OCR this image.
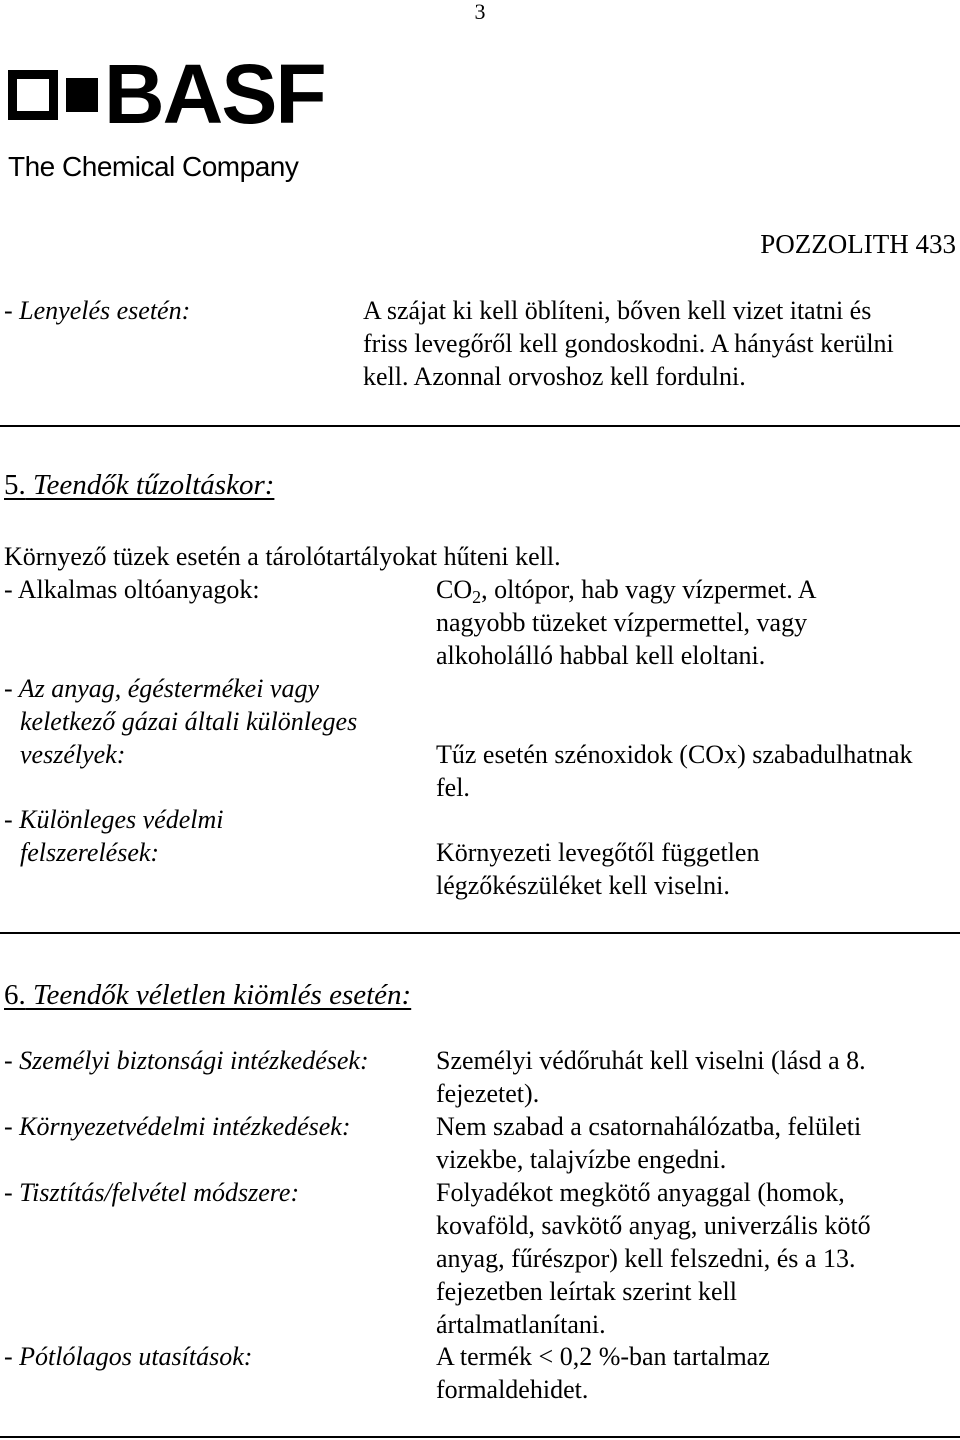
3
BASF
The Chemical Company
POZZOLITH 433
- Lenyelés esetén:	A szájat ki kell öblíteni, bőven kell vizet itatni és
friss levegőről kell gondoskodni. A hányást kerülni
kell. Azonnal orvoshoz kell fordulni.
5. Teendők tűzoltáskor:
Környező tüzek esetén a tárolótartályokat hűteni kell.
- Alkalmas oltóanyagok:	$CO_2$, oltópor, hab vagy vízpermet. A
nagyobb tüzeket vízpermettel, vagy
alkoholálló habbal kell eloltani.
- Az anyag, égéstermékei vagy
keletkező gázai általi különleges
veszélyek:	Tűz esetén szénoxidok (COx) szabadulhatnak
fel.
- Különleges védelmi
felszerelések:	Környezeti levegőtől független
légzőkészüléket kell viselni.
6. Teendők véletlen kiömlés esetén:
- Személyi biztonsági intézkedések:	Személyi védőruhát kell viselni (lásd a 8.
fejezetet).
- Környezetvédelmi intézkedések:	Nem szabad a csatornahálózatba, felületi
vizekbe, talajvízbe engedni.
- Tisztítás/felvétel módszere:	Folyadékot megkötő anyaggal (homok,
kovaföld, savkötő anyag, univerzális kötő
anyag, fűrészpor) kell felszedni, és a 13.
fejezetben leírtak szerint kell
ártalmatlanítani.
- Pótlólagos utasítások:	A termék < 0,2 %-ban tartalmaz
formaldehidet.
